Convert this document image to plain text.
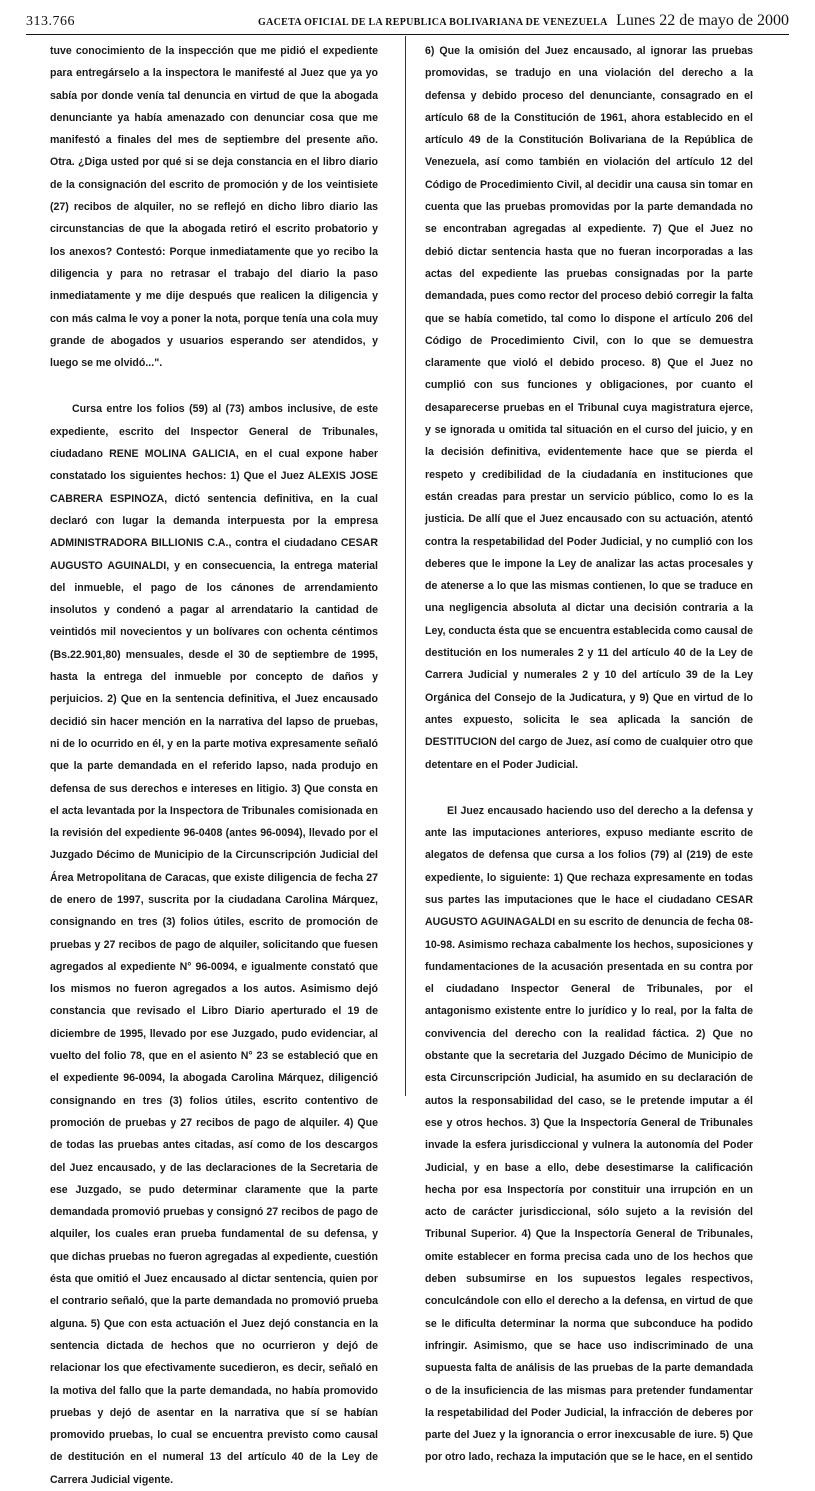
313.766	GACETA OFICIAL DE LA REPUBLICA BOLIVARIANA DE VENEZUELA Lunes 22 de mayo de 2000

tuve conocimiento de la inspección que me pidió el expediente para entregárselo a la inspectora le manifesté al Juez que ya yo sabía por donde venía tal denuncia en virtud de que la abogada denunciante ya había amenazado con denunciar cosa que me manifestó a finales del mes de septiembre del presente año. Otra. ¿Diga usted por qué si se deja constancia en el libro diario de la consignación del escrito de promoción y de los veintisiete (27) recibos de alquiler, no se reflejó en dicho libro diario las circunstancias de que la abogada retiró el escrito probatorio y los anexos? Contestó: Porque inmediatamente que yo recibo la diligencia y para no retrasar el trabajo del diario la paso inmediatamente y me dije después que realicen la diligencia y con más calma le voy a poner la nota, porque tenía una cola muy grande de abogados y usuarios esperando ser atendidos, y luego se me olvidó...".

Cursa entre los folios (59) al (73) ambos inclusive, de este expediente, escrito del Inspector General de Tribunales, ciudadano RENE MOLINA GALICIA, en el cual expone haber constatado los siguientes hechos: 1) Que el Juez ALEXIS JOSE CABRERA ESPINOZA, dictó sentencia definitiva, en la cual declaró con lugar la demanda interpuesta por la empresa ADMINISTRADORA BILLIONIS C.A., contra el ciudadano CESAR AUGUSTO AGUINALDI, y en consecuencia, la entrega material del inmueble, el pago de los cánones de arrendamiento insolutos y condenó a pagar al arrendatario la cantidad de veintidós mil novecientos y un bolívares con ochenta céntimos (Bs.22.901,80) mensuales, desde el 30 de septiembre de 1995, hasta la entrega del inmueble por concepto de daños y perjuicios. 2) Que en la sentencia definitiva, el Juez encausado decidió sin hacer mención en la narrativa del lapso de pruebas, ni de lo ocurrido en él, y en la parte motiva expresamente señaló que la parte demandada en el referido lapso, nada produjo en defensa de sus derechos e intereses en litigio. 3) Que consta en el acta levantada por la Inspectora de Tribunales comisionada en la revisión del expediente 96-0408 (antes 96-0094), llevado por el Juzgado Décimo de Municipio de la Circunscripción Judicial del Área Metropolitana de Caracas, que existe diligencia de fecha 27 de enero de 1997, suscrita por la ciudadana Carolina Márquez, consignando en tres (3) folios útiles, escrito de promoción de pruebas y 27 recibos de pago de alquiler, solicitando que fuesen agregados al expediente N° 96-0094, e igualmente constató que los mismos no fueron agregados a los autos. Asimismo dejó constancia que revisado el Libro Diario aperturado el 19 de diciembre de 1995, llevado por ese Juzgado, pudo evidenciar, al vuelto del folio 78, que en el asiento N° 23 se estableció que en el expediente 96-0094, la abogada Carolina Márquez, diligenció consignando en tres (3) folios útiles, escrito contentivo de promoción de pruebas y 27 recibos de pago de alquiler. 4) Que de todas las pruebas antes citadas, así como de los descargos del Juez encausado, y de las declaraciones de la Secretaria de ese Juzgado, se pudo determinar claramente que la parte demandada promovió pruebas y consignó 27 recibos de pago de alquiler, los cuales eran prueba fundamental de su defensa, y que dichas pruebas no fueron agregadas al expediente, cuestión ésta que omitió el Juez encausado al dictar sentencia, quien por el contrario señaló, que la parte demandada no promovió prueba alguna. 5) Que con esta actuación el Juez dejó constancia en la sentencia dictada de hechos que no ocurrieron y dejó de relacionar los que efectivamente sucedieron, es decir, señaló en la motiva del fallo que la parte demandada, no había promovido pruebas y dejó de asentar en la narrativa que sí se habían promovido pruebas, lo cual se encuentra previsto como causal de destitución en el numeral 13 del artículo 40 de la Ley de Carrera Judicial vigente.

6) Que la omisión del Juez encausado, al ignorar las pruebas promovidas, se tradujo en una violación del derecho a la defensa y debido proceso del denunciante, consagrado en el artículo 68 de la Constitución de 1961, ahora establecido en el artículo 49 de la Constitución Bolivariana de la República de Venezuela, así como también en violación del artículo 12 del Código de Procedimiento Civil, al decidir una causa sin tomar en cuenta que las pruebas promovidas por la parte demandada no se encontraban agregadas al expediente. 7) Que el Juez no debió dictar sentencia hasta que no fueran incorporadas a las actas del expediente las pruebas consignadas por la parte demandada, pues como rector del proceso debió corregir la falta que se había cometido, tal como lo dispone el artículo 206 del Código de Procedimiento Civil, con lo que se demuestra claramente que violó el debido proceso. 8) Que el Juez no cumplió con sus funciones y obligaciones, por cuanto el desaparecerse pruebas en el Tribunal cuya magistratura ejerce, y se ignorada u omitida tal situación en el curso del juicio, y en la decisión definitiva, evidentemente hace que se pierda el respeto y credibilidad de la ciudadanía en instituciones que están creadas para prestar un servicio público, como lo es la justicia. De allí que el Juez encausado con su actuación, atentó contra la respetabilidad del Poder Judicial, y no cumplió con los deberes que le impone la Ley de analizar las actas procesales y de atenerse a lo que las mismas contienen, lo que se traduce en una negligencia absoluta al dictar una decisión contraria a la Ley, conducta ésta que se encuentra establecida como causal de destitución en los numerales 2 y 11 del artículo 40 de la Ley de Carrera Judicial y numerales 2 y 10 del artículo 39 de la Ley Orgánica del Consejo de la Judicatura, y 9) Que en virtud de lo antes expuesto, solicita le sea aplicada la sanción de DESTITUCION del cargo de Juez, así como de cualquier otro que detentare en el Poder Judicial.

El Juez encausado haciendo uso del derecho a la defensa y ante las imputaciones anteriores, expuso mediante escrito de alegatos de defensa que cursa a los folios (79) al (219) de este expediente, lo siguiente: 1) Que rechaza expresamente en todas sus partes las imputaciones que le hace el ciudadano CESAR AUGUSTO AGUINAGALDI en su escrito de denuncia de fecha 08-10-98. Asimismo rechaza cabalmente los hechos, suposiciones y fundamentaciones de la acusación presentada en su contra por el ciudadano Inspector General de Tribunales, por el antagonismo existente entre lo jurídico y lo real, por la falta de convivencia del derecho con la realidad fáctica. 2) Que no obstante que la secretaria del Juzgado Décimo de Municipio de esta Circunscripción Judicial, ha asumido en su declaración de autos la responsabilidad del caso, se le pretende imputar a él ese y otros hechos. 3) Que la Inspectoría General de Tribunales invade la esfera jurisdiccional y vulnera la autonomía del Poder Judicial, y en base a ello, debe desestimarse la calificación hecha por esa Inspectoría por constituir una irrupción en un acto de carácter jurisdiccional, sólo sujeto a la revisión del Tribunal Superior. 4) Que la Inspectoría General de Tribunales, omite establecer en forma precisa cada uno de los hechos que deben subsumirse en los supuestos legales respectivos, conculcándole con ello el derecho a la defensa, en virtud de que se le dificulta determinar la norma que subconduce ha podido infringir. Asimismo, que se hace uso indiscriminado de una supuesta falta de análisis de las pruebas de la parte demandada o de la insuficiencia de las mismas para pretender fundamentar la respetabilidad del Poder Judicial, la infracción de deberes por parte del Juez y la ignorancia o error inexcusable de iure. 5) Que por otro lado, rechaza la imputación que se le hace, en el sentido
